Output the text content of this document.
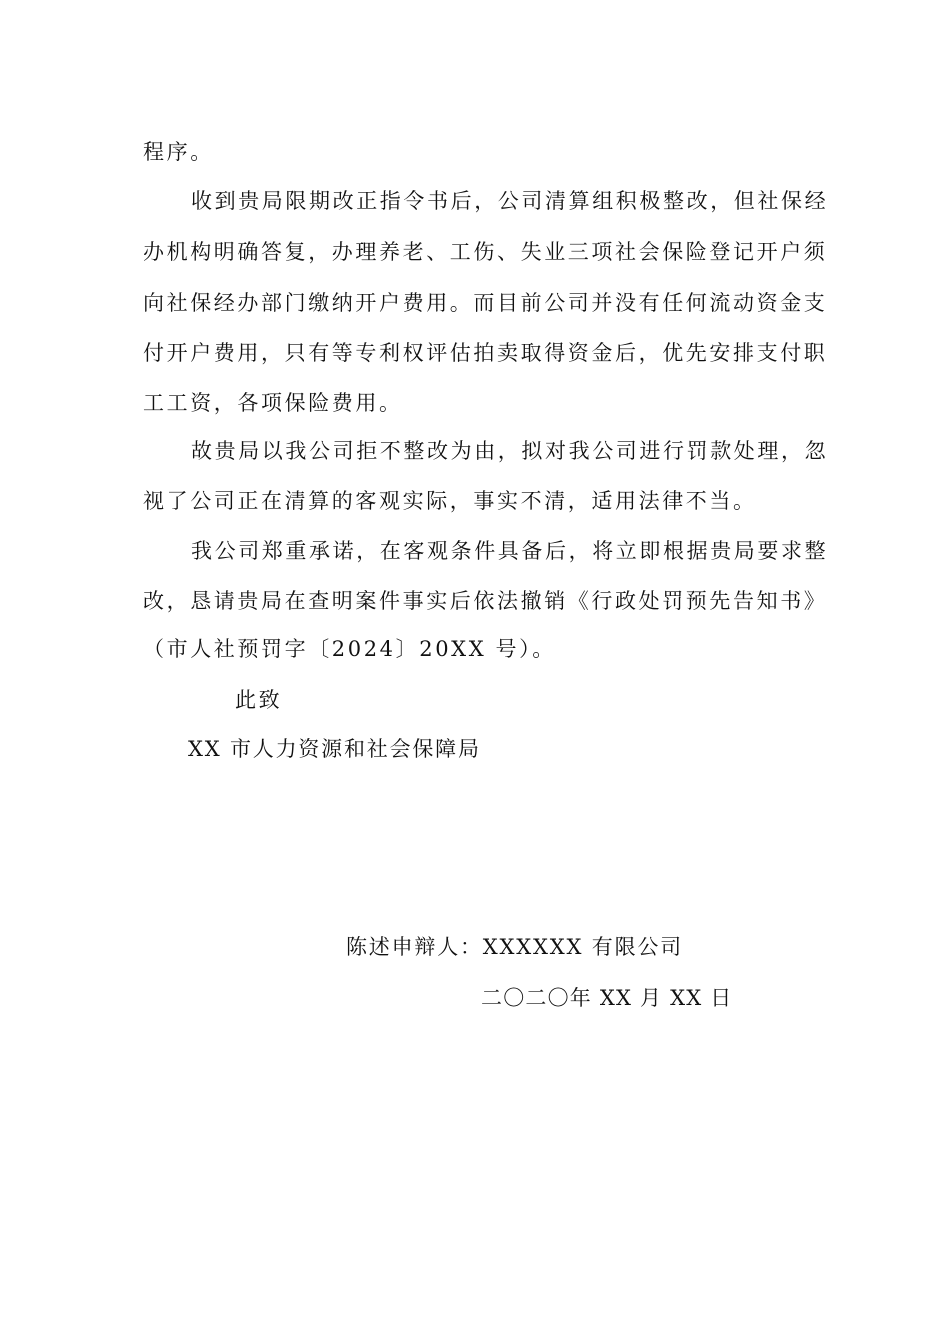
程序。
收到贵局限期改正指令书后，公司清算组积极整改，但社保经
办机构明确答复，办理养老、工伤、失业三项社会保险登记开户须
向社保经办部门缴纳开户费用。而目前公司并没有任何流动资金支
付开户费用，只有等专利权评估拍卖取得资金后，优先安排支付职
工工资，各项保险费用。
故贵局以我公司拒不整改为由，拟对我公司进行罚款处理，忽
视了公司正在清算的客观实际，事实不清，适用法律不当。
我公司郑重承诺，在客观条件具备后，将立即根据贵局要求整
改，恳请贵局在查明案件事实后依法撤销《行政处罚预先告知书》
（市人社预罚字〔2024〕20XX 号）。
此致
XX 市人力资源和社会保障局
陈述申辩人：XXXXXX 有限公司
二〇二〇年 XX 月 XX 日
